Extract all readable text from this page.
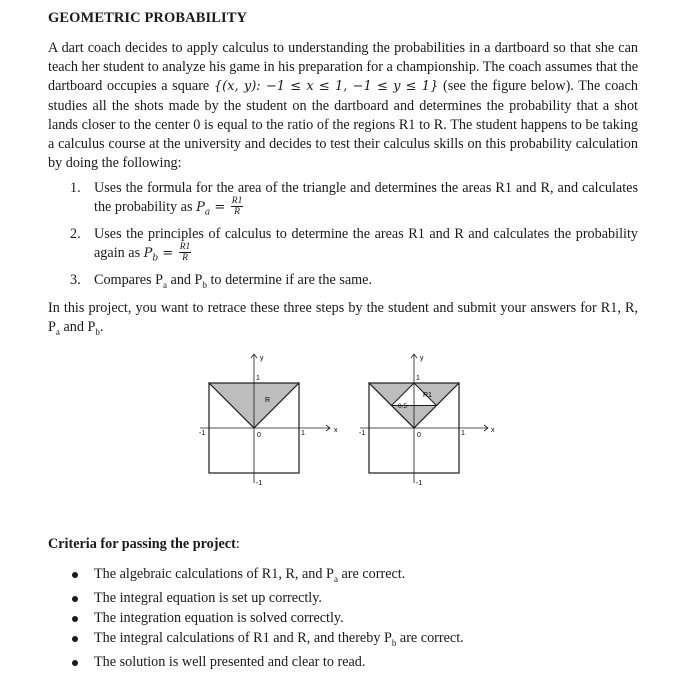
GEOMETRIC PROBABILITY

A dart coach decides to apply calculus to understanding the probabilities in a dartboard so that she can teach her student to analyze his game in his preparation for a championship. The coach assumes that the dartboard occupies a square {(x, y): −1 ≤ x ≤ 1, −1 ≤ y ≤ 1} (see the figure below). The coach studies all the shots made by the student on the dartboard and determines the probability that a shot lands closer to the center 0 is equal to the ratio of the regions R1 to R. The student happens to be taking a calculus course at the university and decides to test their calculus skills on this probability calculation by doing the following:

1. Uses the formula for the area of the triangle and determines the areas R1 and R, and calculates the probability as $P_a = \frac{R1}{R}$
2. Uses the principles of calculus to determine the areas R1 and R and calculates the probability again as $P_b = \frac{R1}{R}$
3. Compares $P_a$ and $P_b$ to determine if are the same.

In this project, you want to retrace these three steps by the student and submit your answers for R1, R, $P_a$ and $P_b$.

y
x
1
R
-1	1
0
-1
y
x
1
R1
0.5
-1	1
0
-1
Criteria for passing the project:
The algebraic calculations of R1, R, and $P_a$ are correct.
The integral equation is set up correctly.
The integration equation is solved correctly.
The integral calculations of R1 and R, and thereby $P_b$ are correct.
The solution is well presented and clear to read.
